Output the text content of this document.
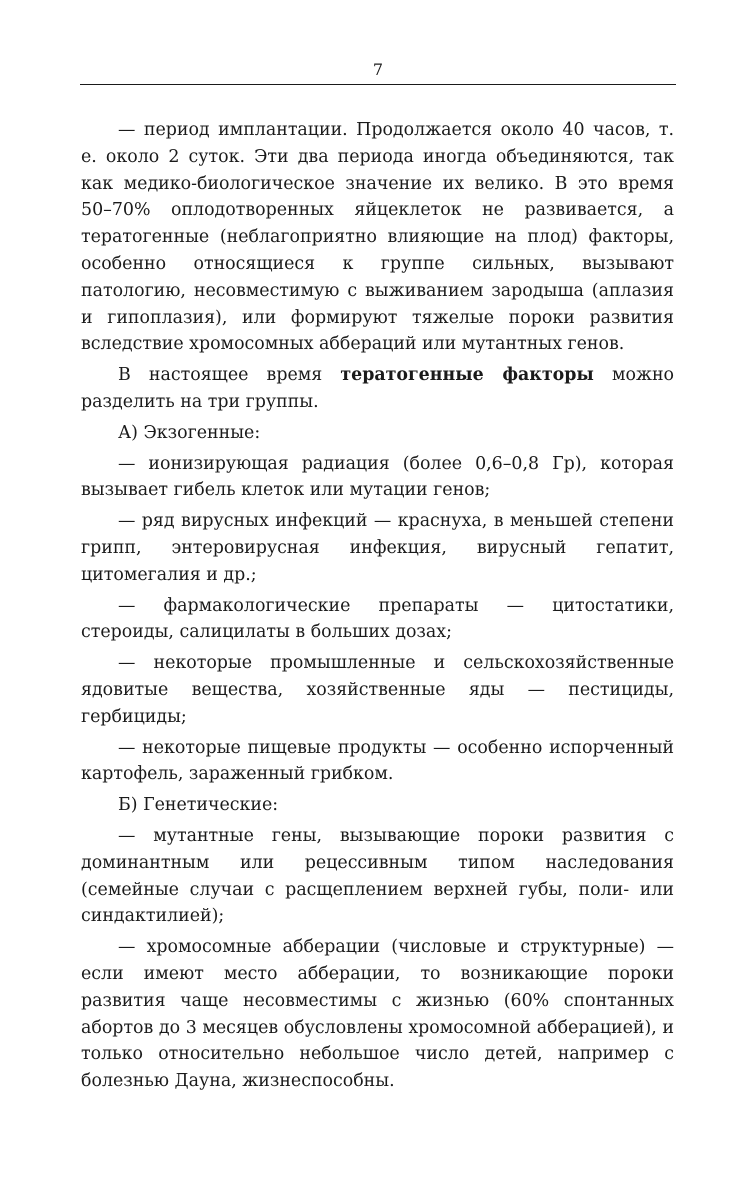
7

— период имплантации. Продолжается около 40 часов, т. е. около 2 суток. Эти два периода иногда объединяются, так как медико-биологическое значение их велико. В это время 50–70% оплодотворенных яйцеклеток не развивается, а тератогенные (неблагоприятно влияющие на плод) факторы, особенно относящиеся к группе сильных, вызывают патологию, несовместимую с выживанием зародыша (аплазия и гипоплазия), или формируют тяжелые пороки развития вследствие хромосомных аббераций или мутантных генов.

В настоящее время тератогенные факторы можно разделить на три группы.

А) Экзогенные:

— ионизирующая радиация (более 0,6–0,8 Гр), которая вызывает гибель клеток или мутации генов;

— ряд вирусных инфекций — краснуха, в меньшей степени грипп, энтеровирусная инфекция, вирусный гепатит, цитомегалия и др.;

— фармакологические препараты — цитостатики, стероиды, салицилаты в больших дозах;

— некоторые промышленные и сельскохозяйственные ядовитые вещества, хозяйственные яды — пестициды, гербициды;

— некоторые пищевые продукты — особенно испорченный картофель, зараженный грибком.

Б) Генетические:

— мутантные гены, вызывающие пороки развития с доминантным или рецессивным типом наследования (семейные случаи с расщеплением верхней губы, поли- или синдактилией);

— хромосомные абберации (числовые и структурные) — если имеют место абберации, то возникающие пороки развития чаще несовместимы с жизнью (60% спонтанных абортов до 3 месяцев обусловлены хромосомной абберацией), и только относительно небольшое число детей, например с болезнью Дауна, жизнеспособны.
